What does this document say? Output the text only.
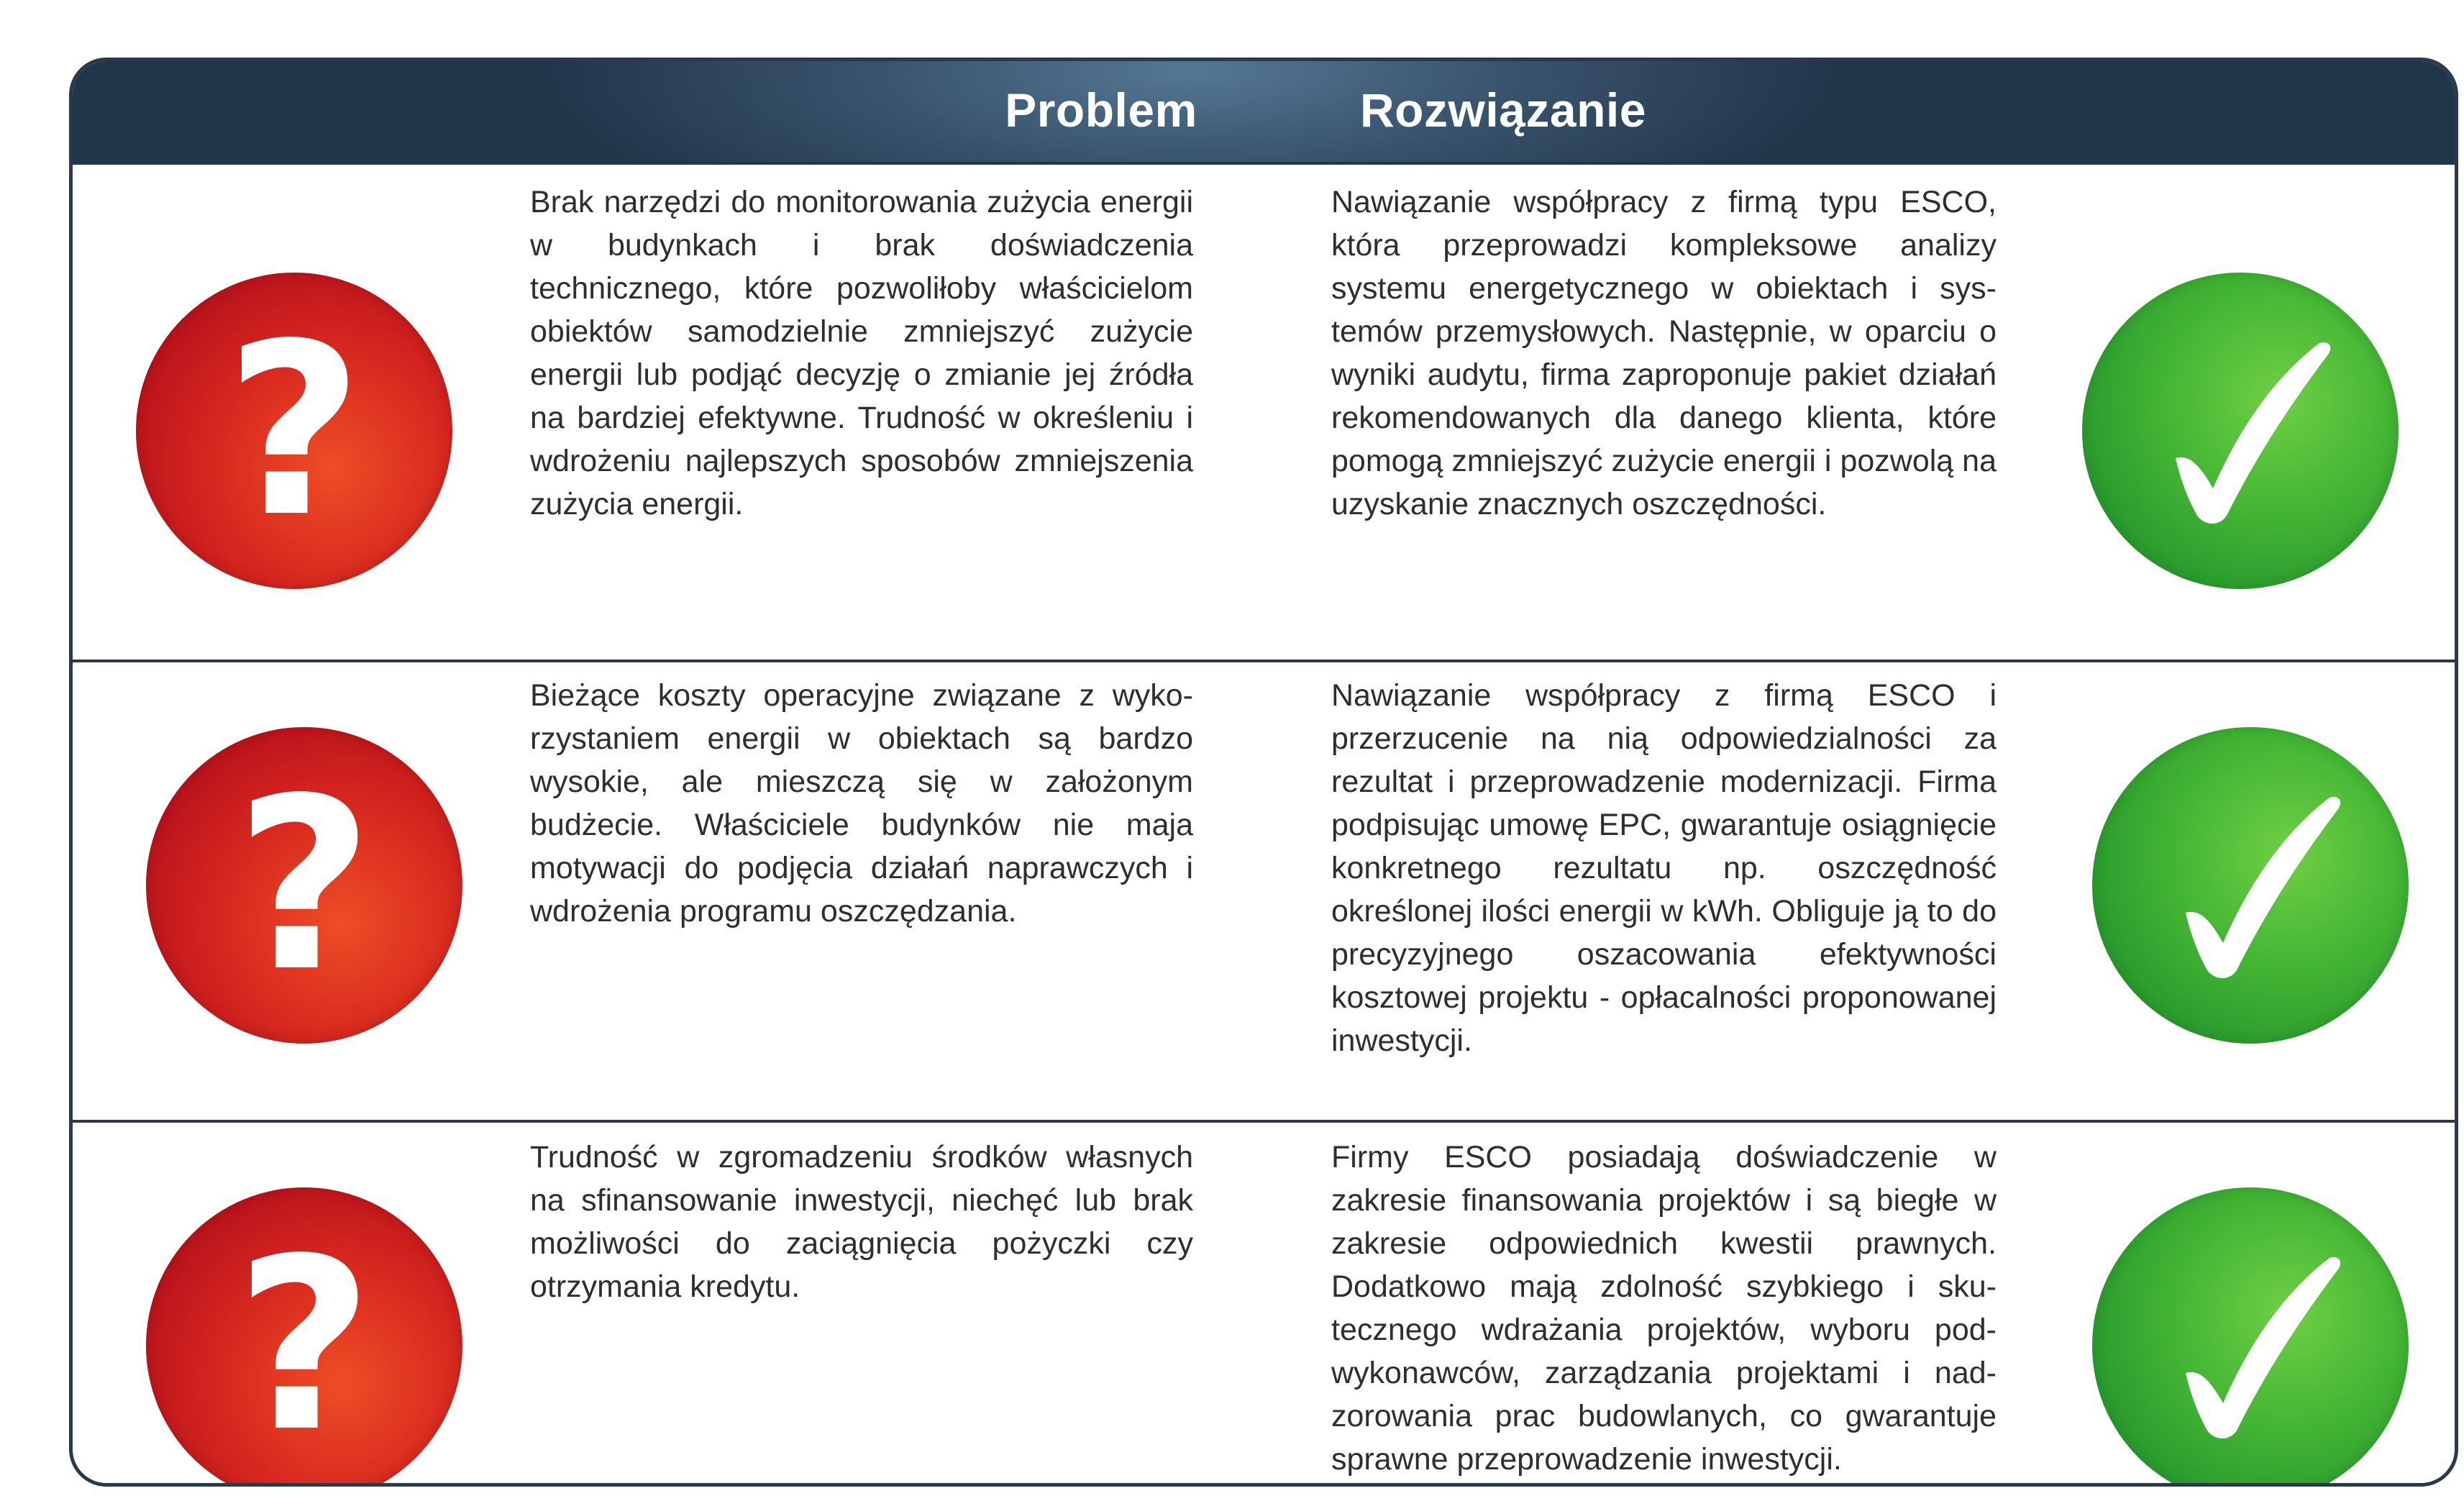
Problem	Rozwiązanie
?
Brak narzędzi do monitorowania zużycia energii w budynkach i brak doświadczenia technicznego, które pozwoliłoby właścicielom obiektów samodzielnie zmniejszyć zużycie energii lub podjąć decyzję o zmianie jej źródła na bardziej efektywne. Trudność w określeniu i wdrożeniu najlepszych sposobów zmniejszenia zużycia energii.
Nawiązanie współpracy z firmą typu ESCO, która przeprowadzi kompleksowe analizy systemu energetycznego w obiektach i systemów przemysłowych. Następnie, w oparciu o wyniki audytu, firma zaproponuje pakiet działań rekomendowanych dla danego klienta, które pomogą zmniejszyć zużycie energii i pozwolą na uzyskanie znacznych oszczędności.
?
Bieżące koszty operacyjne związane z wykorzystaniem energii w obiektach są bardzo wysokie, ale mieszczą się w założonym budżecie. Właściciele budynków nie maja motywacji do podjęcia działań naprawczych i wdrożenia programu oszczędzania.
Nawiązanie współpracy z firmą ESCO i przerzucenie na nią odpowiedzialności za rezultat i przeprowadzenie modernizacji. Firma podpisując umowę EPC, gwarantuje osiągnięcie konkretnego rezultatu np. oszczędność określonej ilości energii w kWh. Obliguje ją to do precyzyjnego oszacowania efektywności kosztowej projektu - opłacalności proponowanej inwestycji.
?
Trudność w zgromadzeniu środków własnych na sfinansowanie inwestycji, niechęć lub brak możliwości do zaciągnięcia pożyczki czy otrzymania kredytu.
Firmy ESCO posiadają doświadczenie w zakresie finansowania projektów i są biegłe w zakresie odpowiednich kwestii prawnych. Dodatkowo mają zdolność szybkiego i skutecznego wdrażania projektów, wyboru podwykonawców, zarządzania projektami i nadzorowania prac budowlanych, co gwarantuje sprawne przeprowadzenie inwestycji.
